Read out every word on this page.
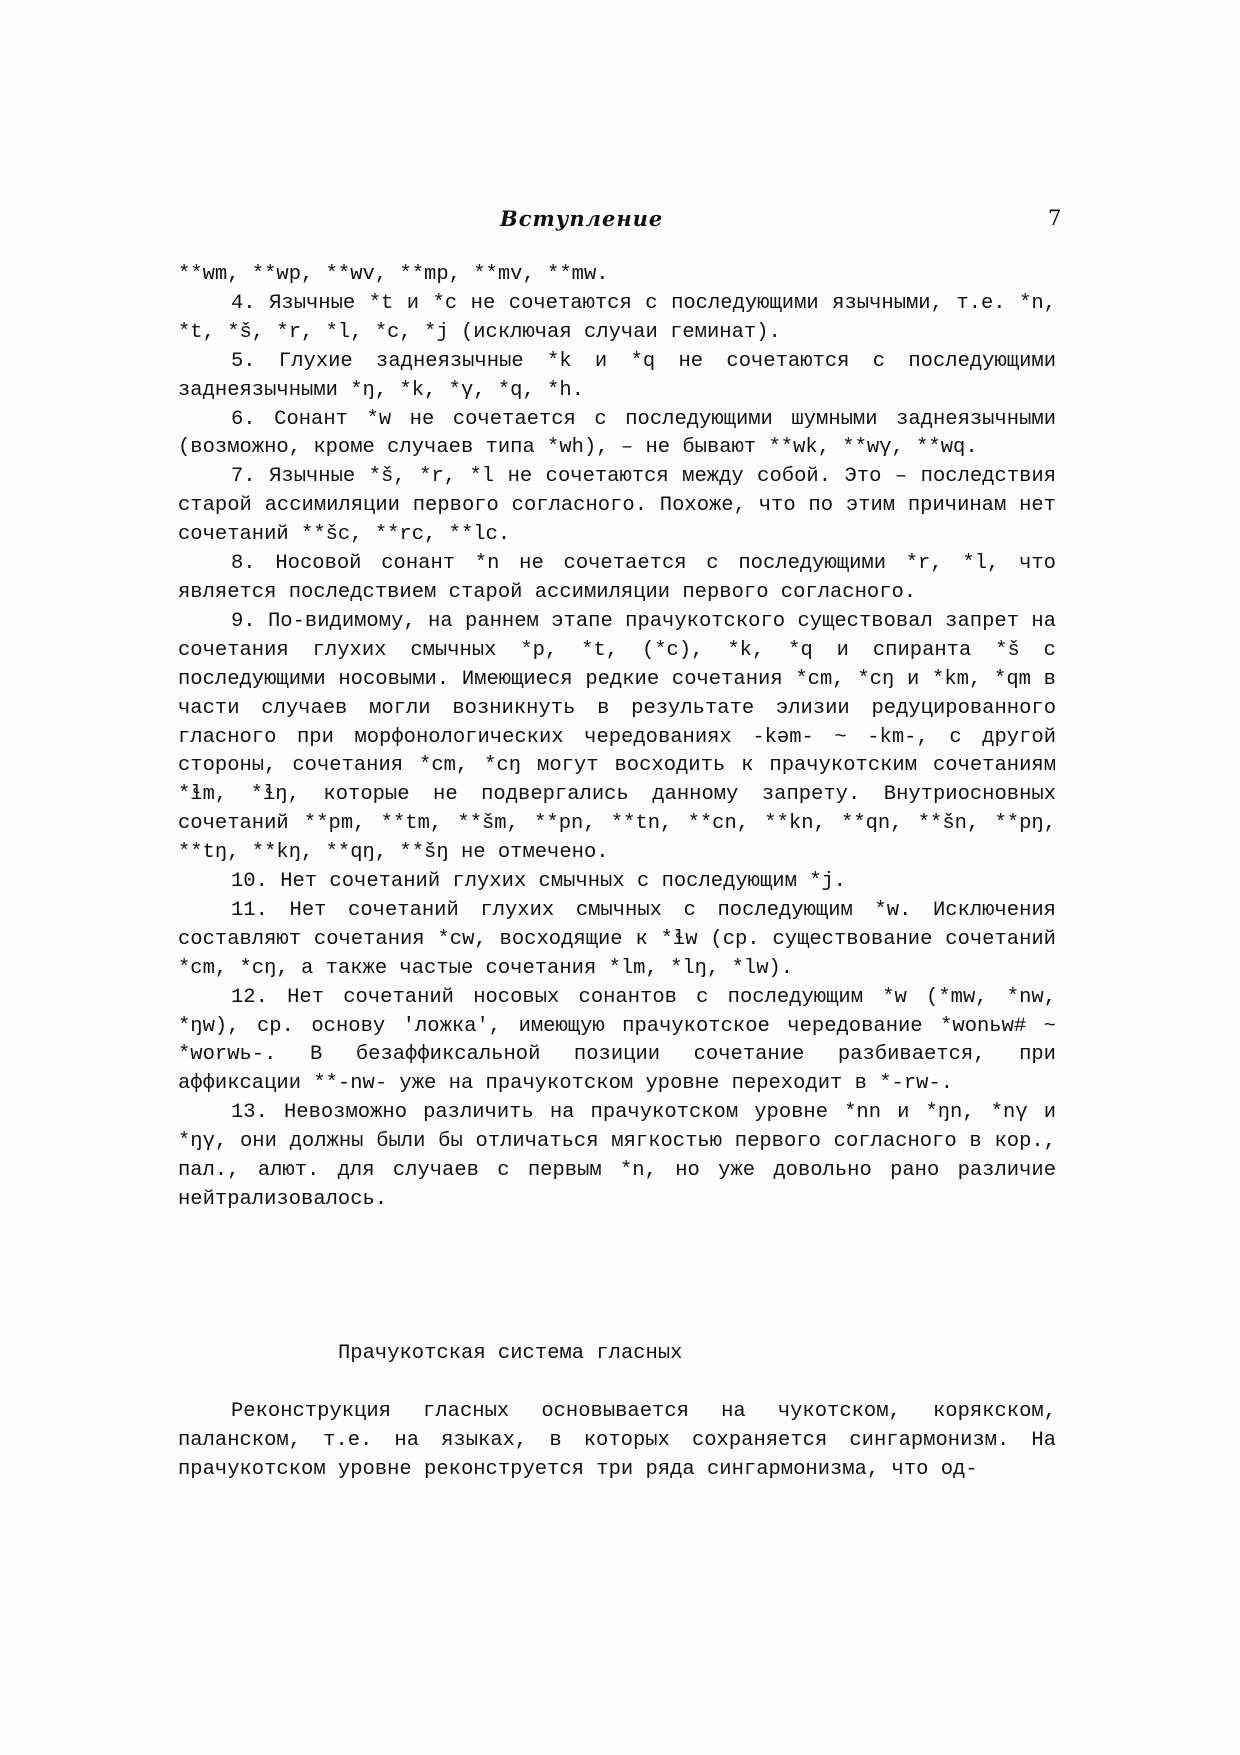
Вступление	7

**wm, **wp, **wv, **mp, **mv, **mw.

4. Язычные *t и *c не сочетаются с последующими язычными, т.е. *n, *t, *š, *r, *l, *c, *j (исключая случаи геминат).

5. Глухие заднеязычные *k и *q не сочетаются с последующими заднеязычными *ŋ, *k, *γ, *q, *h.

6. Сонант *w не сочетается с последующими шумными заднеязычными (возможно, кроме случаев типа *wh), – не бывают **wk, **wγ, **wq.

7. Язычные *š, *r, *l не сочетаются между собой. Это – последствия старой ассимиляции первого согласного. Похоже, что по этим причинам нет сочетаний **šc, **rc, **lc.

8. Носовой сонант *n не сочетается с последующими *r, *l, что является последствием старой ассимиляции первого согласного.

9. По-видимому, на раннем этапе прачукотского существовал запрет на сочетания глухих смычных *p, *t, (*c), *k, *q и спиранта *š с последующими носовыми. Имеющиеся редкие сочетания *cm, *cŋ и *km, *qm в части случаев могли возникнуть в результате элизии редуцированного гласного при морфонологических чередованиях -kəm- ~ -km-, с другой стороны, сочетания *cm, *cŋ могут восходить к прачукотским сочетаниям *ɬm, *ɬŋ, которые не подвергались данному запрету. Внутриосновных сочетаний **pm, **tm, **šm, **pn, **tn, **cn, **kn, **qn, **šn, **pŋ, **tŋ, **kŋ, **qŋ, **šŋ не отмечено.

10. Нет сочетаний глухих смычных с последующим *j.

11. Нет сочетаний глухих смычных с последующим *w. Исключения составляют сочетания *cw, восходящие к *ɬw (ср. существование сочетаний *cm, *cŋ, а также частые сочетания *lm, *lŋ, *lw).

12. Нет сочетаний носовых сонантов с последующим *w (*mw, *nw, *ŋw), ср. основу 'ложка', имеющую прачукотское чередование *wonьw# ~ *worwь-. В безаффиксальной позиции сочетание разбивается, при аффиксации **-nw- уже на прачукотском уровне переходит в *-rw-.

13. Невозможно различить на прачукотском уровне *nn и *ŋn, *nγ и *ŋγ, они должны были бы отличаться мягкостью первого согласного в кор., пал., алют. для случаев с первым *n, но уже довольно рано различие нейтрализовалось.

Прачукотская система гласных

Реконструкция гласных основывается на чукотском, корякском, паланском, т.е. на языках, в которых сохраняется сингармонизм. На прачукотском уровне реконструется три ряда сингармонизма, что од-
